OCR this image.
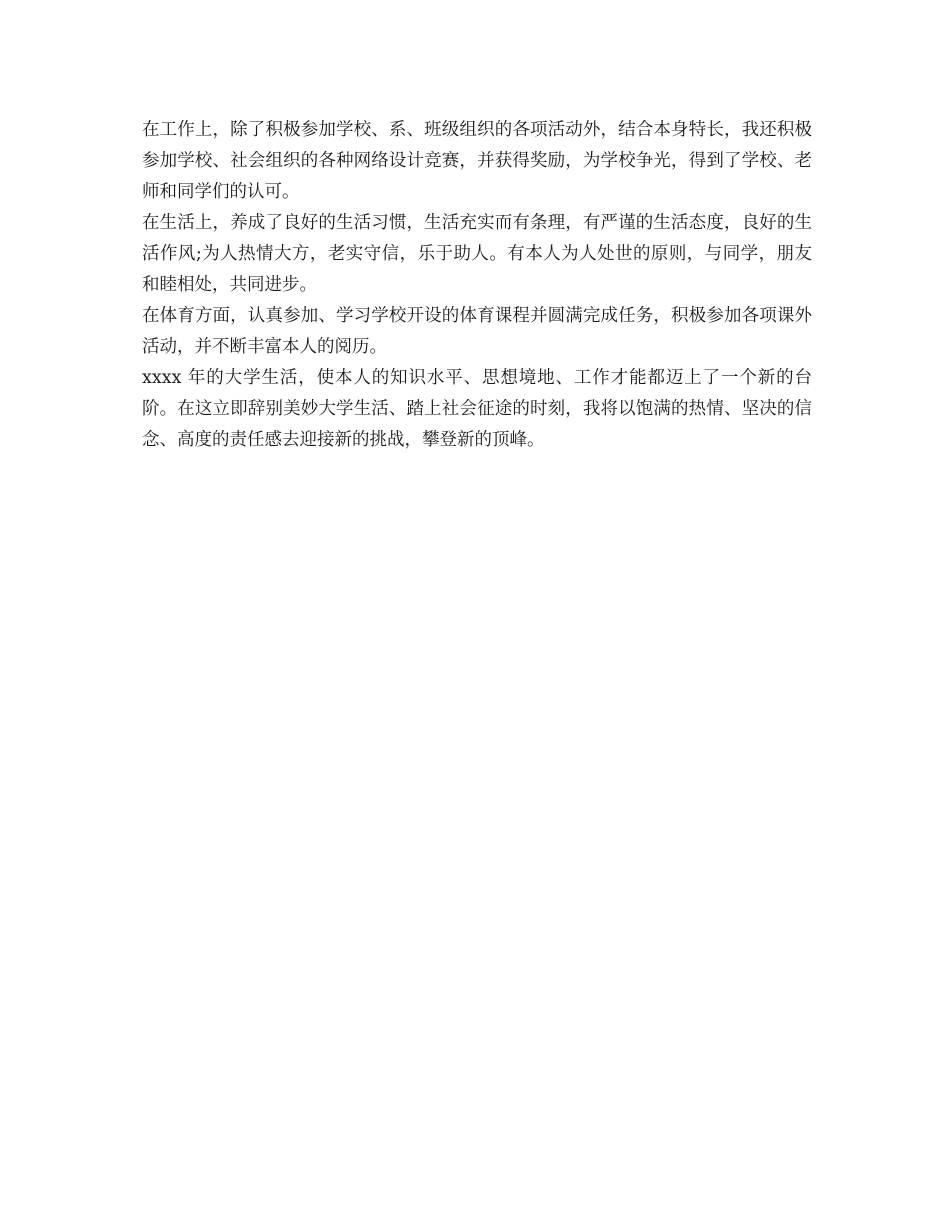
在工作上，除了积极参加学校、系、班级组织的各项活动外，结合本身特长，我还积极参加学校、社会组织的各种网络设计竞赛，并获得奖励，为学校争光，得到了学校、老师和同学们的认可。

在生活上，养成了良好的生活习惯，生活充实而有条理，有严谨的生活态度，良好的生活作风;为人热情大方，老实守信，乐于助人。有本人为人处世的原则，与同学，朋友和睦相处，共同进步。

在体育方面，认真参加、学习学校开设的体育课程并圆满完成任务，积极参加各项课外活动，并不断丰富本人的阅历。

xxxx 年的大学生活，使本人的知识水平、思想境地、工作才能都迈上了一个新的台阶。在这立即辞别美妙大学生活、踏上社会征途的时刻，我将以饱满的热情、坚决的信念、高度的责任感去迎接新的挑战，攀登新的顶峰。
